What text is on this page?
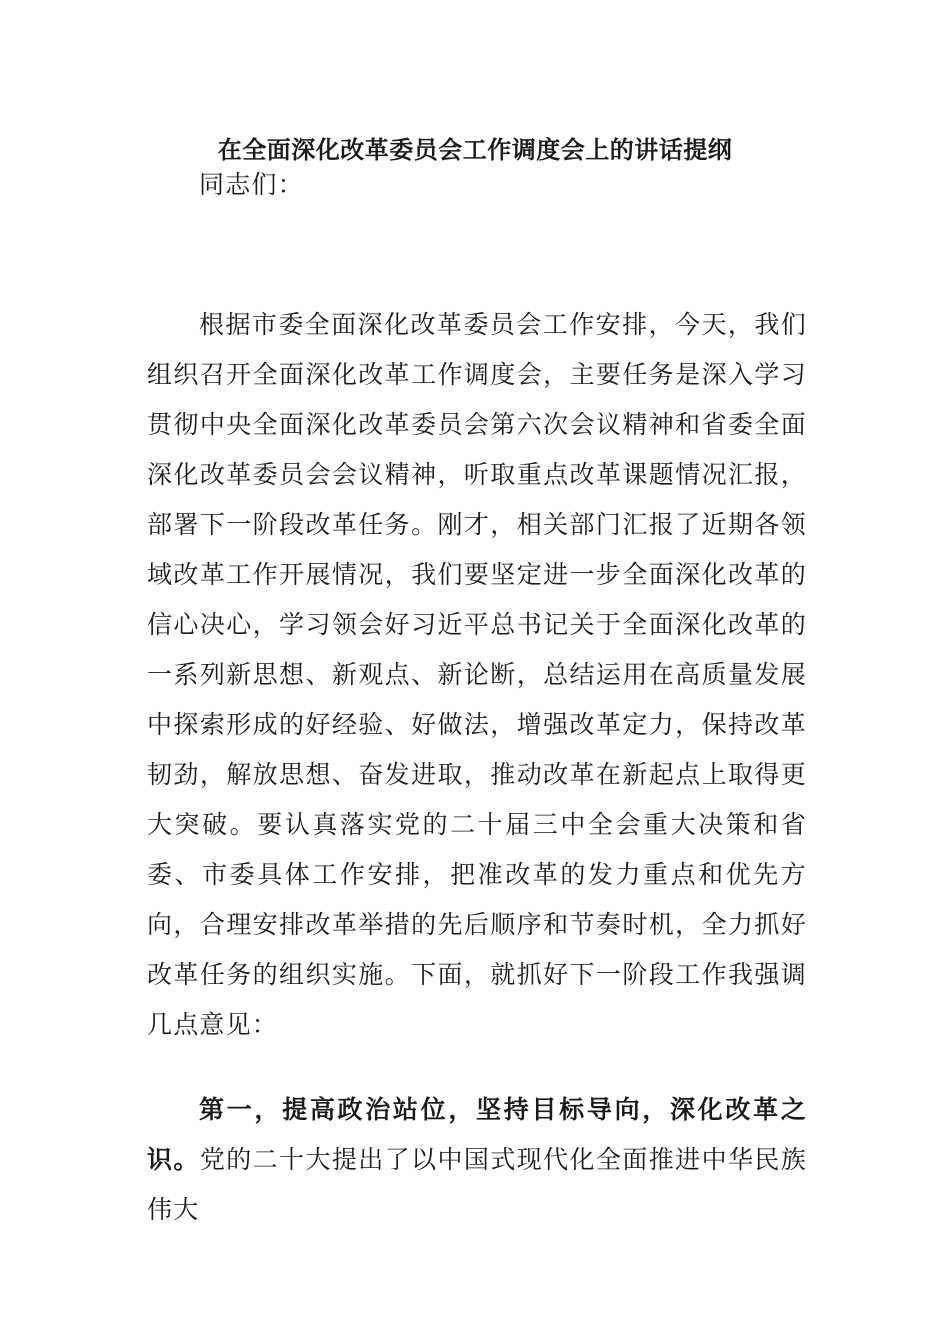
在全面深化改革委员会工作调度会上的讲话提纲
同志们：
根据市委全面深化改革委员会工作安排，今天，我们组织召开全面深化改革工作调度会，主要任务是深入学习贯彻中央全面深化改革委员会第六次会议精神和省委全面深化改革委员会会议精神，听取重点改革课题情况汇报，部署下一阶段改革任务。刚才，相关部门汇报了近期各领域改革工作开展情况，我们要坚定进一步全面深化改革的信心决心，学习领会好习近平总书记关于全面深化改革的一系列新思想、新观点、新论断，总结运用在高质量发展中探索形成的好经验、好做法，增强改革定力，保持改革韧劲，解放思想、奋发进取，推动改革在新起点上取得更大突破。要认真落实党的二十届三中全会重大决策和省委、市委具体工作安排，把准改革的发力重点和优先方向，合理安排改革举措的先后顺序和节奏时机，全力抓好改革任务的组织实施。下面，就抓好下一阶段工作我强调几点意见：
第一，提高政治站位，坚持目标导向，深化改革之识。党的二十大提出了以中国式现代化全面推进中华民族伟大
